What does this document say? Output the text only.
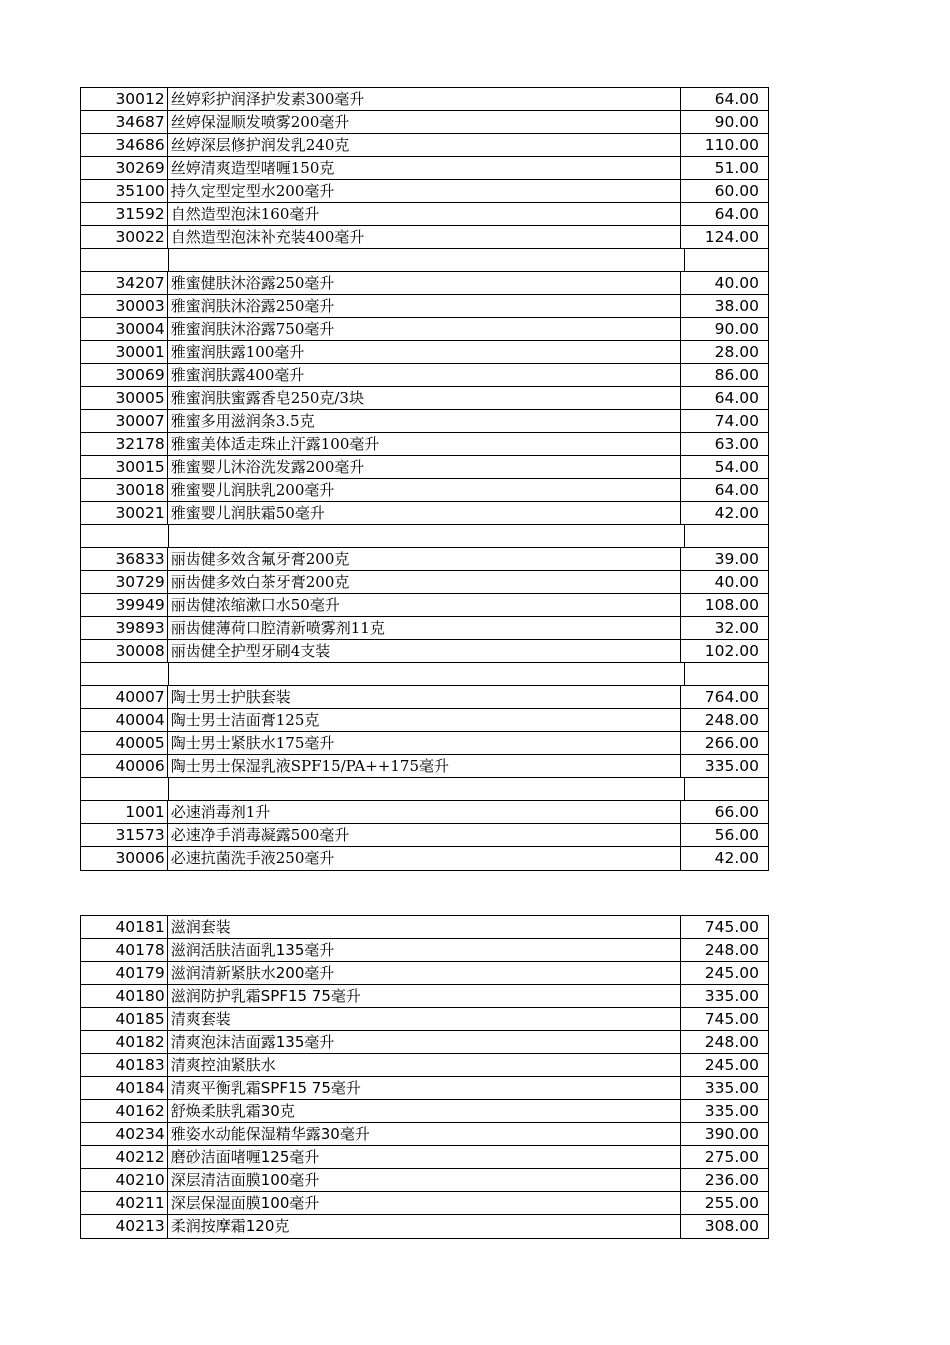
30012 丝婷彩护润泽护发素300毫升	64.00
34687 丝婷保湿顺发喷雾200毫升	90.00
34686 丝婷深层修护润发乳240克	110.00
30269 丝婷清爽造型啫喱150克	51.00
35100 持久定型定型水200毫升	60.00
31592 自然造型泡沫160毫升	64.00
30022 自然造型泡沫补充装400毫升	124.00
34207 雅蜜健肤沐浴露250毫升	40.00
30003 雅蜜润肤沐浴露250毫升	38.00
30004 雅蜜润肤沐浴露750毫升	90.00
30001 雅蜜润肤露100毫升	28.00
30069 雅蜜润肤露400毫升	86.00
30005 雅蜜润肤蜜露香皂250克/3块	64.00
30007 雅蜜多用滋润条3.5克	74.00
32178 雅蜜美体适走珠止汗露100毫升	63.00
30015 雅蜜婴儿沐浴洗发露200毫升	54.00
30018 雅蜜婴儿润肤乳200毫升	64.00
30021 雅蜜婴儿润肤霜50毫升	42.00
36833 丽齿健多效含氟牙膏200克	39.00
30729 丽齿健多效白茶牙膏200克	40.00
39949 丽齿健浓缩漱口水50毫升	108.00
39893 丽齿健薄荷口腔清新喷雾剂11克	32.00
30008 丽齿健全护型牙刷4支装	102.00
40007 陶士男士护肤套装	764.00
40004 陶士男士洁面膏125克	248.00
40005 陶士男士紧肤水175毫升	266.00
40006 陶士男士保湿乳液SPF15/PA++175毫升	335.00
1001 必速消毒剂1升	66.00
31573 必速净手消毒凝露500毫升	56.00
30006 必速抗菌洗手液250毫升	42.00
40181 滋润套装	745.00
40178 滋润活肤洁面乳135毫升	248.00
40179 滋润清新紧肤水200毫升	245.00
40180 滋润防护乳霜SPF15 75毫升	335.00
40185 清爽套装	745.00
40182 清爽泡沫洁面露135毫升	248.00
40183 清爽控油紧肤水	245.00
40184 清爽平衡乳霜SPF15 75毫升	335.00
40162 舒焕柔肤乳霜30克	335.00
40234 雅姿水动能保湿精华露30毫升	390.00
40212 磨砂洁面啫喱125毫升	275.00
40210 深层清洁面膜100毫升	236.00
40211 深层保湿面膜100毫升	255.00
40213 柔润按摩霜120克	308.00
